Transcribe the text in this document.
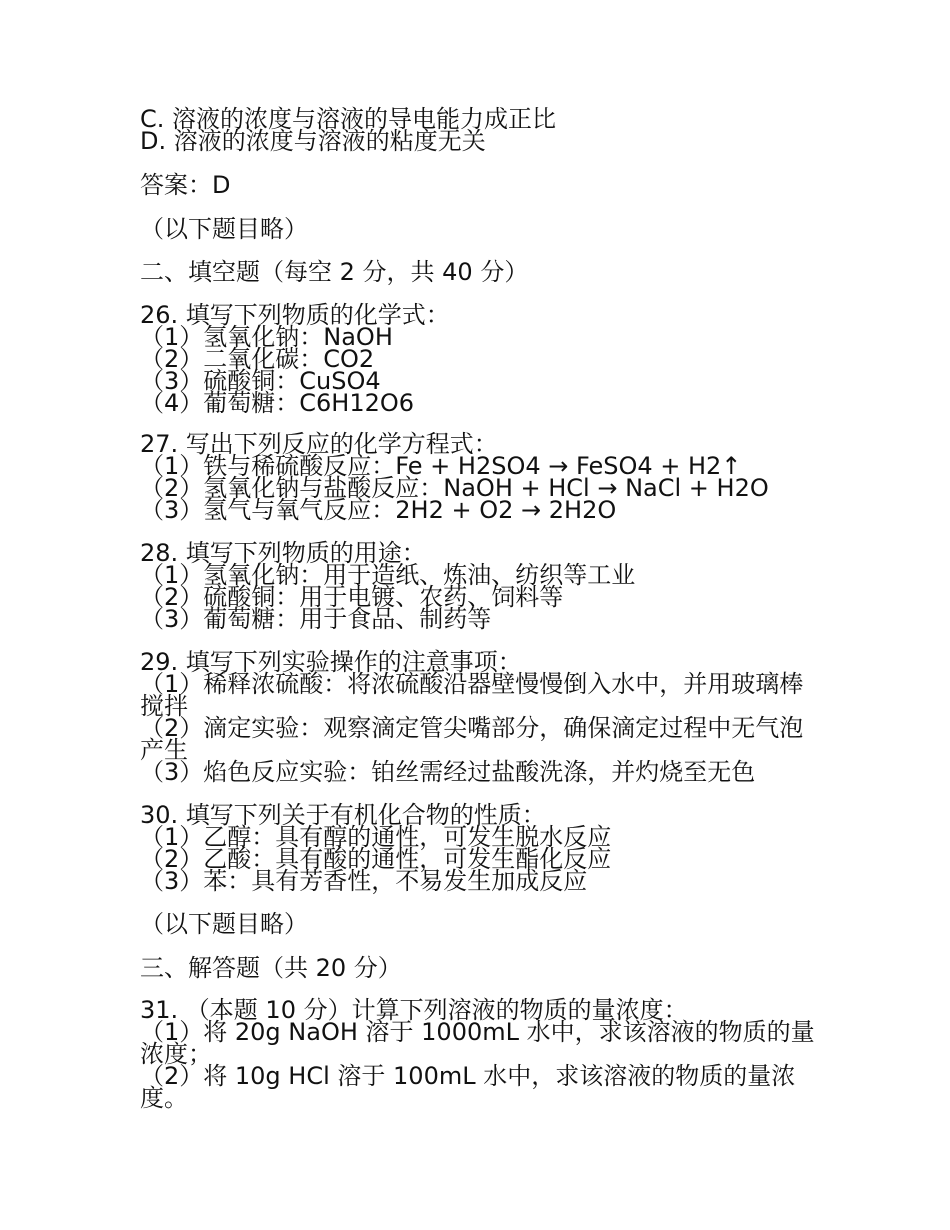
C. 溶液的浓度与溶液的导电能力成正比
D. 溶液的浓度与溶液的粘度无关
答案：D
（以下题目略）
二、填空题（每空 2 分，共 40 分）
26. 填写下列物质的化学式：
（1）氢氧化钠：NaOH
（2）二氧化碳：CO2
（3）硫酸铜：CuSO4
（4）葡萄糖：C6H12O6
27. 写出下列反应的化学方程式：
（1）铁与稀硫酸反应：Fe + H2SO4 → FeSO4 + H2↑
（2）氢氧化钠与盐酸反应：NaOH + HCl → NaCl + H2O
（3）氢气与氧气反应：2H2 + O2 → 2H2O
28. 填写下列物质的用途：
（1）氢氧化钠：用于造纸、炼油、纺织等工业
（2）硫酸铜：用于电镀、农药、饲料等
（3）葡萄糖：用于食品、制药等
29. 填写下列实验操作的注意事项：
（1）稀释浓硫酸：将浓硫酸沿器壁慢慢倒入水中，并用玻璃棒搅拌
（2）滴定实验：观察滴定管尖嘴部分，确保滴定过程中无气泡产生
（3）焰色反应实验：铂丝需经过盐酸洗涤，并灼烧至无色
30. 填写下列关于有机化合物的性质：
（1）乙醇：具有醇的通性，可发生脱水反应
（2）乙酸：具有酸的通性，可发生酯化反应
（3）苯：具有芳香性，不易发生加成反应
（以下题目略）
三、解答题（共 20 分）
31. （本题 10 分）计算下列溶液的物质的量浓度：
（1）将 20g NaOH 溶于 1000mL 水中，求该溶液的物质的量浓度；
（2）将 10g HCl 溶于 100mL 水中，求该溶液的物质的量浓度。
